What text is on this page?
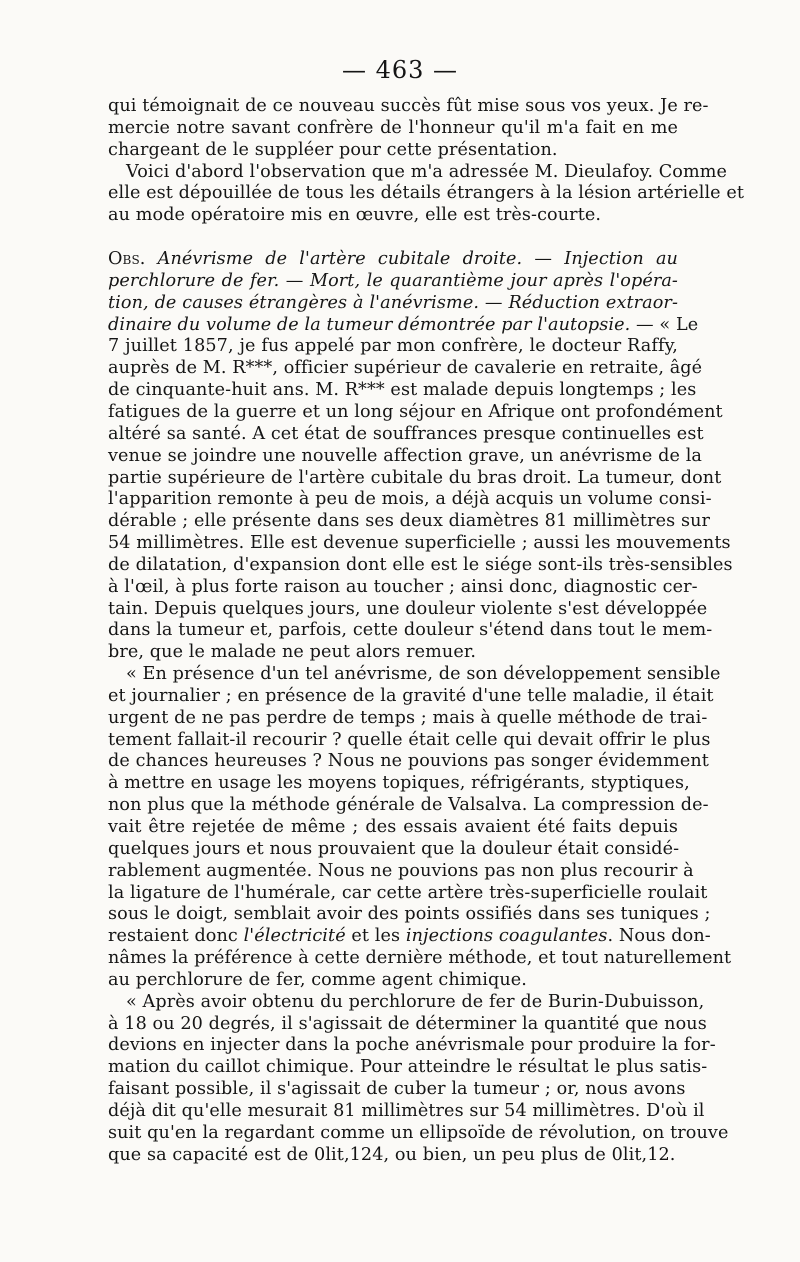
— 463 —
qui témoignait de ce nouveau succès fût mise sous vos yeux. Je re-
mercie notre savant confrère de l'honneur qu'il m'a fait en me
chargeant de le suppléer pour cette présentation.
Voici d'abord l'observation que m'a adressée M. Dieulafoy. Comme
elle est dépouillée de tous les détails étrangers à la lésion artérielle et
au mode opératoire mis en œuvre, elle est très-courte.
Obs. Anévrisme de l'artère cubitale droite. — Injection au
perchlorure de fer. — Mort, le quarantième jour après l'opéra-
tion, de causes étrangères à l'anévrisme. — Réduction extraor-
dinaire du volume de la tumeur démontrée par l'autopsie. — « Le
7 juillet 1857, je fus appelé par mon confrère, le docteur Raffy,
auprès de M. R***, officier supérieur de cavalerie en retraite, âgé
de cinquante-huit ans. M. R*** est malade depuis longtemps ; les
fatigues de la guerre et un long séjour en Afrique ont profondément
altéré sa santé. A cet état de souffrances presque continuelles est
venue se joindre une nouvelle affection grave, un anévrisme de la
partie supérieure de l'artère cubitale du bras droit. La tumeur, dont
l'apparition remonte à peu de mois, a déjà acquis un volume consi-
dérable ; elle présente dans ses deux diamètres 81 millimètres sur
54 millimètres. Elle est devenue superficielle ; aussi les mouvements
de dilatation, d'expansion dont elle est le siége sont-ils très-sensibles
à l'œil, à plus forte raison au toucher ; ainsi donc, diagnostic cer-
tain. Depuis quelques jours, une douleur violente s'est développée
dans la tumeur et, parfois, cette douleur s'étend dans tout le mem-
bre, que le malade ne peut alors remuer.
« En présence d'un tel anévrisme, de son développement sensible
et journalier ; en présence de la gravité d'une telle maladie, il était
urgent de ne pas perdre de temps ; mais à quelle méthode de trai-
tement fallait-il recourir ? quelle était celle qui devait offrir le plus
de chances heureuses ? Nous ne pouvions pas songer évidemment
à mettre en usage les moyens topiques, réfrigérants, styptiques,
non plus que la méthode générale de Valsalva. La compression de-
vait être rejetée de même ; des essais avaient été faits depuis
quelques jours et nous prouvaient que la douleur était considé-
rablement augmentée. Nous ne pouvions pas non plus recourir à
la ligature de l'humérale, car cette artère très-superficielle roulait
sous le doigt, semblait avoir des points ossifiés dans ses tuniques ;
restaient donc l'électricité et les injections coagulantes. Nous don-
nâmes la préférence à cette dernière méthode, et tout naturellement
au perchlorure de fer, comme agent chimique.
« Après avoir obtenu du perchlorure de fer de Burin-Dubuisson,
à 18 ou 20 degrés, il s'agissait de déterminer la quantité que nous
devions en injecter dans la poche anévrismale pour produire la for-
mation du caillot chimique. Pour atteindre le résultat le plus satis-
faisant possible, il s'agissait de cuber la tumeur ; or, nous avons
déjà dit qu'elle mesurait 81 millimètres sur 54 millimètres. D'où il
suit qu'en la regardant comme un ellipsoïde de révolution, on trouve
que sa capacité est de 0lit,124, ou bien, un peu plus de 0lit,12.
